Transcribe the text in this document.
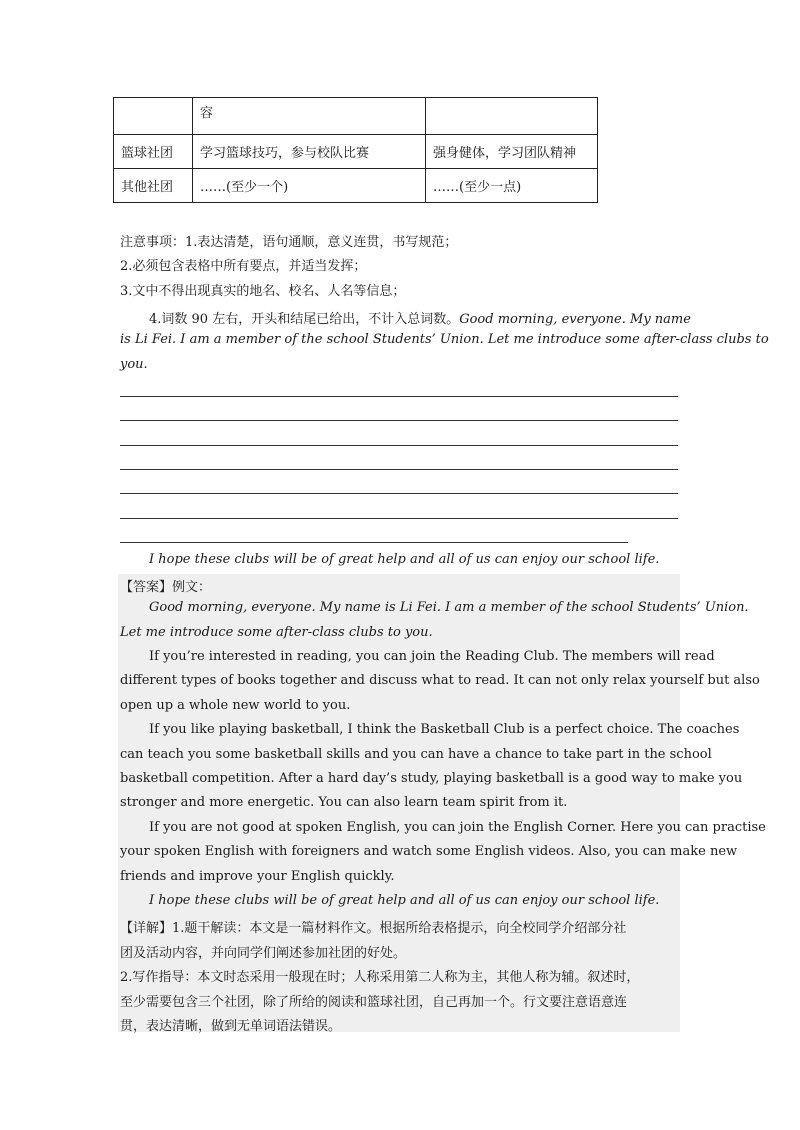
	容	
篮球社团	学习篮球技巧，参与校队比赛	强身健体，学习团队精神
其他社团	……(至少一个)	……(至少一点)
注意事项：1.表达清楚，语句通顺，意义连贯，书写规范；
2.必须包含表格中所有要点，并适当发挥；
3.文中不得出现真实的地名、校名、人名等信息；
4.词数 90 左右，开头和结尾已给出，不计入总词数。Good morning, everyone. My name
is Li Fei. I am a member of the school Students’ Union. Let me introduce some after-class clubs to
you.
I hope these clubs will be of great help and all of us can enjoy our school life.
【答案】例文：
Good morning, everyone. My name is Li Fei. I am a member of the school Students’ Union.
Let me introduce some after-class clubs to you.
If you’re interested in reading, you can join the Reading Club. The members will read
different types of books together and discuss what to read. It can not only relax yourself but also
open up a whole new world to you.
If you like playing basketball, I think the Basketball Club is a perfect choice. The coaches
can teach you some basketball skills and you can have a chance to take part in the school
basketball competition. After a hard day’s study, playing basketball is a good way to make you
stronger and more energetic. You can also learn team spirit from it.
If you are not good at spoken English, you can join the English Corner. Here you can practise
your spoken English with foreigners and watch some English videos. Also, you can make new
friends and improve your English quickly.
I hope these clubs will be of great help and all of us can enjoy our school life.
【详解】1.题干解读：本文是一篇材料作文。根据所给表格提示，向全校同学介绍部分社
团及活动内容，并向同学们阐述参加社团的好处。
2.写作指导：本文时态采用一般现在时；人称采用第二人称为主，其他人称为辅。叙述时，
至少需要包含三个社团，除了所给的阅读和篮球社团，自己再加一个。行文要注意语意连
贯，表达清晰，做到无单词语法错误。
